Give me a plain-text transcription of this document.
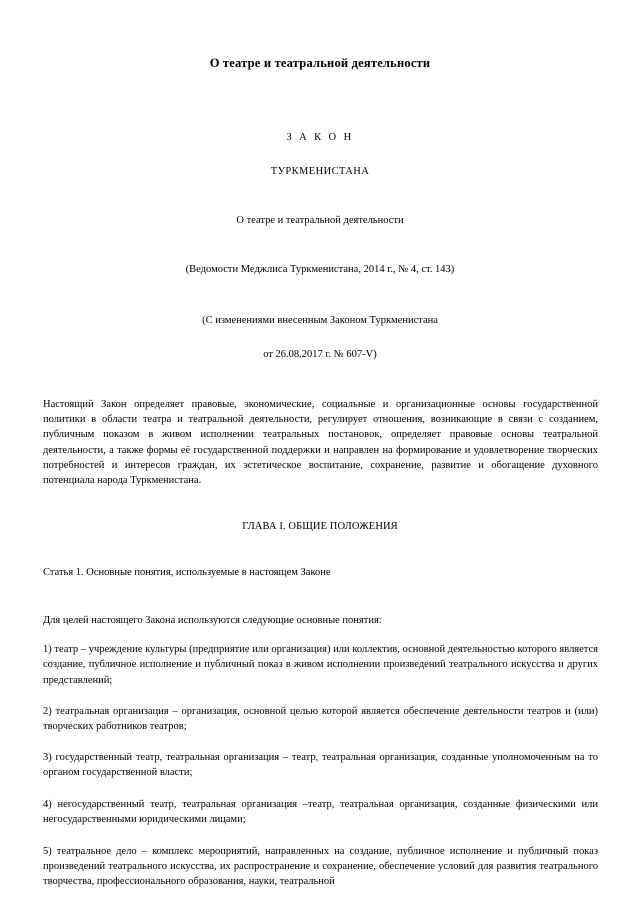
О театре и театральной деятельности

З А К О Н

ТУРКМЕНИСТАНА

О театре и театральной деятельности

(Ведомости Меджлиса Туркменистана, 2014 г., № 4, ст. 143)

(С изменениями внесенным Законом Туркменистана

от 26.08.2017 г. № 607-V)

Настоящий Закон определяет правовые, экономические, социальные и организационные основы государственной политики в области театра и театральной деятельности, регулирует отношения, возникающие в связи с созданием, публичным показом в живом исполнении театральных постановок, определяет правовые основы театральной деятельности, а также формы её государственной поддержки и направлен на формирование и удовлетворение творческих потребностей и интересов граждан, их эстетическое воспитание, сохранение, развитие и обогащение духовного потенциала народа Туркменистана.

ГЛАВА I. ОБЩИЕ ПОЛОЖЕНИЯ

Статья 1. Основные понятия, используемые в настоящем Законе

Для целей настоящего Закона используются следующие основные понятия:

1) театр – учреждение культуры (предприятие или организация) или коллектив, основной деятельностью которого является создание, публичное исполнение и публичный показ в живом исполнении произведений театрального искусства и других представлений;

2) театральная организация – организация, основной целью которой является обеспечение деятельности театров и (или) творческих работников театров;

3) государственный театр, театральная организация – театр, театральная организация, созданные уполномоченным на то органом государственной власти;

4) негосударственный театр, театральная организация –театр, театральная организация, созданные физическими или негосударственными юридическими лицами;

5) театральное дело – комплекс мероприятий, направленных на создание, публичное исполнение и публичный показ произведений театрального искусства, их распространение и сохранение, обеспечение условий для развития театрального творчества, профессионального образования, науки, театральной
